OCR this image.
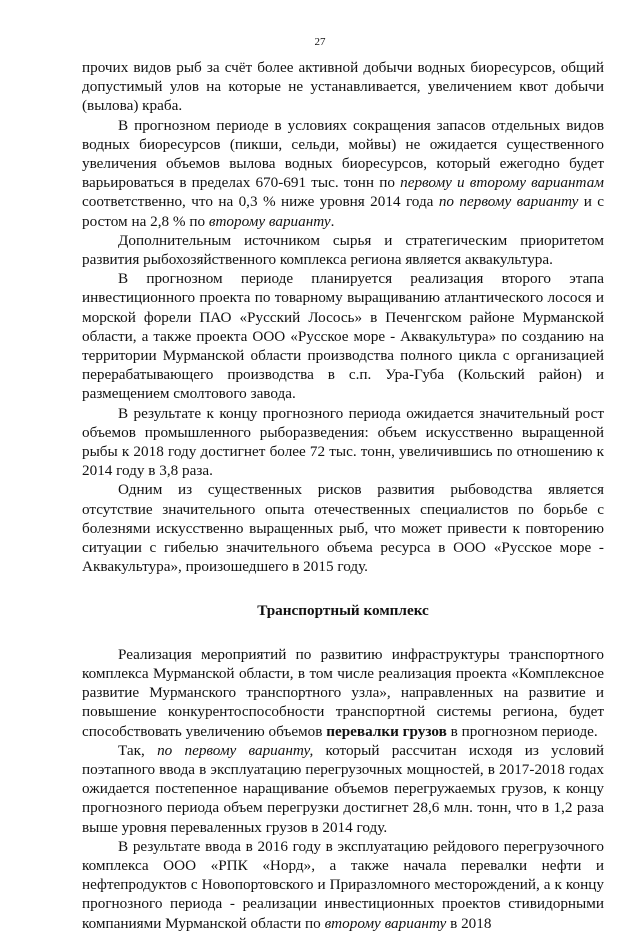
27

прочих видов рыб за счёт более активной добычи водных биоресурсов, общий допустимый улов на которые не устанавливается, увеличением квот добычи (вылова) краба.

В прогнозном периоде в условиях сокращения запасов отдельных видов водных биоресурсов (пикши, сельди, мойвы) не ожидается существенного увеличения объемов вылова водных биоресурсов, который ежегодно будет варьироваться в пределах 670-691 тыс. тонн по первому и второму вариантам соответственно, что на 0,3 % ниже уровня 2014 года по первому варианту и с ростом на 2,8 % по второму варианту.

Дополнительным источником сырья и стратегическим приоритетом развития рыбохозяйственного комплекса региона является аквакультура.

В прогнозном периоде планируется реализация второго этапа инвестиционного проекта по товарному выращиванию атлантического лосося и морской форели ПАО «Русский Лосось» в Печенгском районе Мурманской области, а также проекта ООО «Русское море - Аквакультура» по созданию на территории Мурманской области производства полного цикла с организацией перерабатывающего производства в с.п. Ура-Губа (Кольский район) и размещением смолтового завода.

В результате к концу прогнозного периода ожидается значительный рост объемов промышленного рыборазведения: объем искусственно выращенной рыбы к 2018 году достигнет более 72 тыс. тонн, увеличившись по отношению к 2014 году в 3,8 раза.

Одним из существенных рисков развития рыбоводства является отсутствие значительного опыта отечественных специалистов по борьбе с болезнями искусственно выращенных рыб, что может привести к повторению ситуации с гибелью значительного объема ресурса в ООО «Русское море - Аквакультура», произошедшего в 2015 году.

Транспортный комплекс

Реализация мероприятий по развитию инфраструктуры транспортного комплекса Мурманской области, в том числе реализация проекта «Комплексное развитие Мурманского транспортного узла», направленных на развитие и повышение конкурентоспособности транспортной системы региона, будет способствовать увеличению объемов перевалки грузов в прогнозном периоде.

Так, по первому варианту, который рассчитан исходя из условий поэтапного ввода в эксплуатацию перегрузочных мощностей, в 2017-2018 годах ожидается постепенное наращивание объемов перегружаемых грузов, к концу прогнозного периода объем перегрузки достигнет 28,6 млн. тонн, что в 1,2 раза выше уровня переваленных грузов в 2014 году.

В результате ввода в 2016 году в эксплуатацию рейдового перегрузочного комплекса ООО «РПК «Норд», а также начала перевалки нефти и нефтепродуктов с Новопортовского и Приразломного месторождений, а к концу прогнозного периода - реализации инвестиционных проектов стивидорными компаниями Мурманской области по второму варианту в 2018
